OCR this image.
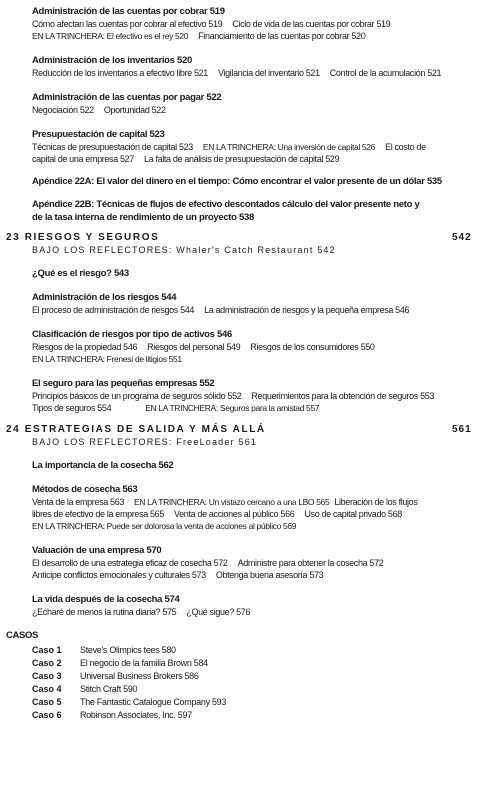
Administración de las cuentas por cobrar 519
Cómo afectan las cuentas por cobrar al efectivo 519 Ciclo de vida de las cuentas por cobrar 519
EN LA TRINCHERA: El efectivo es el rey 520 Financiamiento de las cuentas por cobrar 520
Administración de los inventarios 520
Reducción de los inventarios a efectivo libre 521 Vigilancia del inventario 521 Control de la acumulación 521
Administración de las cuentas por pagar 522
Negociación 522 Oportunidad 522
Presupuestación de capital 523
Técnicas de presupuestación de capital 523 EN LA TRINCHERA: Una inversión de capital 526 El costo de
capital de una empresa 527 La falta de análisis de presupuestación de capital 529
Apéndice 22A: El valor del dinero en el tiempo: Cómo encontrar el valor presente de un dólar 535
Apéndice 22B: Técnicas de flujos de efectivo descontados cálculo del valor presente neto y
de la tasa interna de rendimiento de un proyecto 538
23 RIESGOS Y SEGUROS	542
BAJO LOS REFLECTORES: Whaler's Catch Restaurant 542
¿Qué es el riesgo? 543
Administración de los riesgos 544
El proceso de administración de riesgos 544 La administración de riesgos y la pequeña empresa 546
Clasificación de riesgos por tipo de activos 546
Riesgos de la propiedad 546 Riesgos del personal 549 Riesgos de los consumidores 550
EN LA TRINCHERA: Frenesí de litigios 551
El seguro para las pequeñas empresas 552
Principios básicos de un programa de seguros sólido 552 Requerimientos para la obtención de seguros 553
Tipos de seguros 554	EN LA TRINCHERA: Seguros para la amistad 557
24 ESTRATEGIAS DE SALIDA Y MÁS ALLÁ	561
BAJO LOS REFLECTORES: FreeLoader 561
La importancia de la cosecha 562
Métodos de cosecha 563
Venta de la empresa 563 EN LA TRINCHERA: Un vistazo cercano a una LBO 565 Liberación de los flujos
libres de efectivo de la empresa 565 Venta de acciones al público 566 Uso de capital privado 568
EN LA TRINCHERA: Puede ser dolorosa la venta de acciones al público 569
Valuación de una empresa 570
El desarrollo de una estrategia eficaz de cosecha 572 Administre para obtener la cosecha 572
Anticipe conflictos emocionales y culturales 573 Obtenga buena asesoría 573
La vida después de la cosecha 574
¿Echaré de menos la rutina diaria? 575 ¿Qué sigue? 576
CASOS
Caso 1 Steve's Olimpics tees 580
Caso 2 El negocio de la familia Brown 584
Caso 3 Universal Business Brokers 586
Caso 4 Stitch Craft 590
Caso 5 The Fantastic Catalogue Company 593
Caso 6 Robinson Associates, Inc. 597
